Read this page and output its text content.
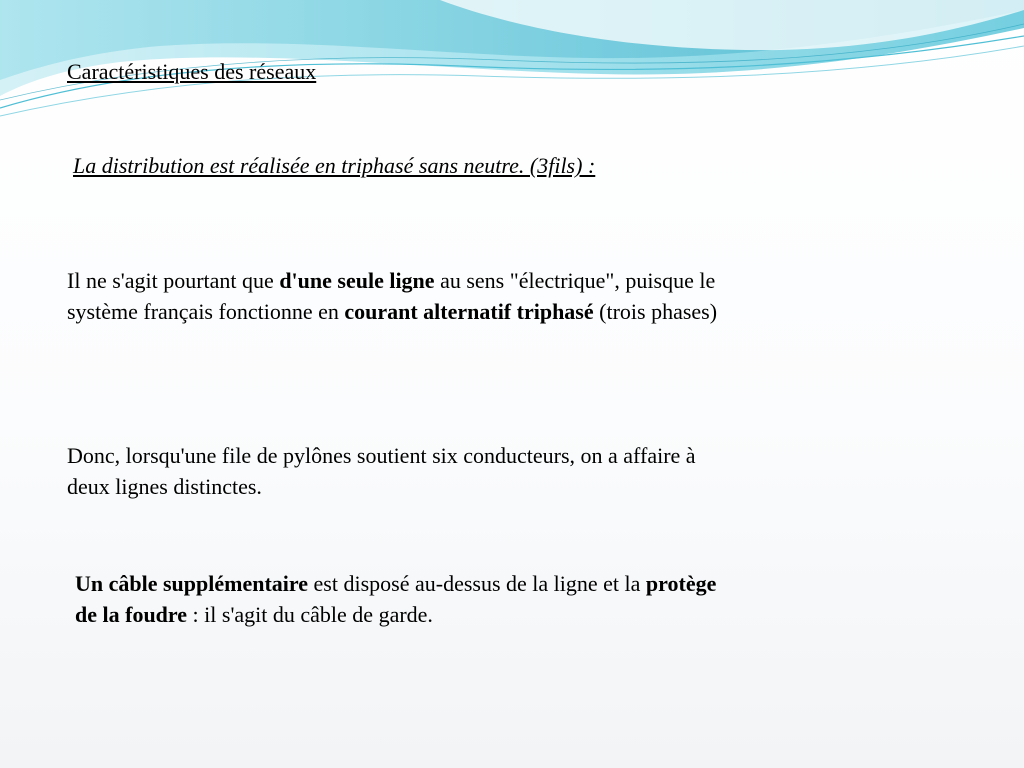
Caractéristiques des réseaux

La distribution est réalisée en triphasé sans neutre. (3fils) :

Il ne s'agit pourtant que d'une seule ligne au sens "électrique", puisque le
système français fonctionne en courant alternatif triphasé (trois phases)

Donc, lorsqu'une file de pylônes soutient six conducteurs, on a affaire à
deux lignes distinctes.

Un câble supplémentaire est disposé au-dessus de la ligne et la protège
de la foudre : il s'agit du câble de garde.
